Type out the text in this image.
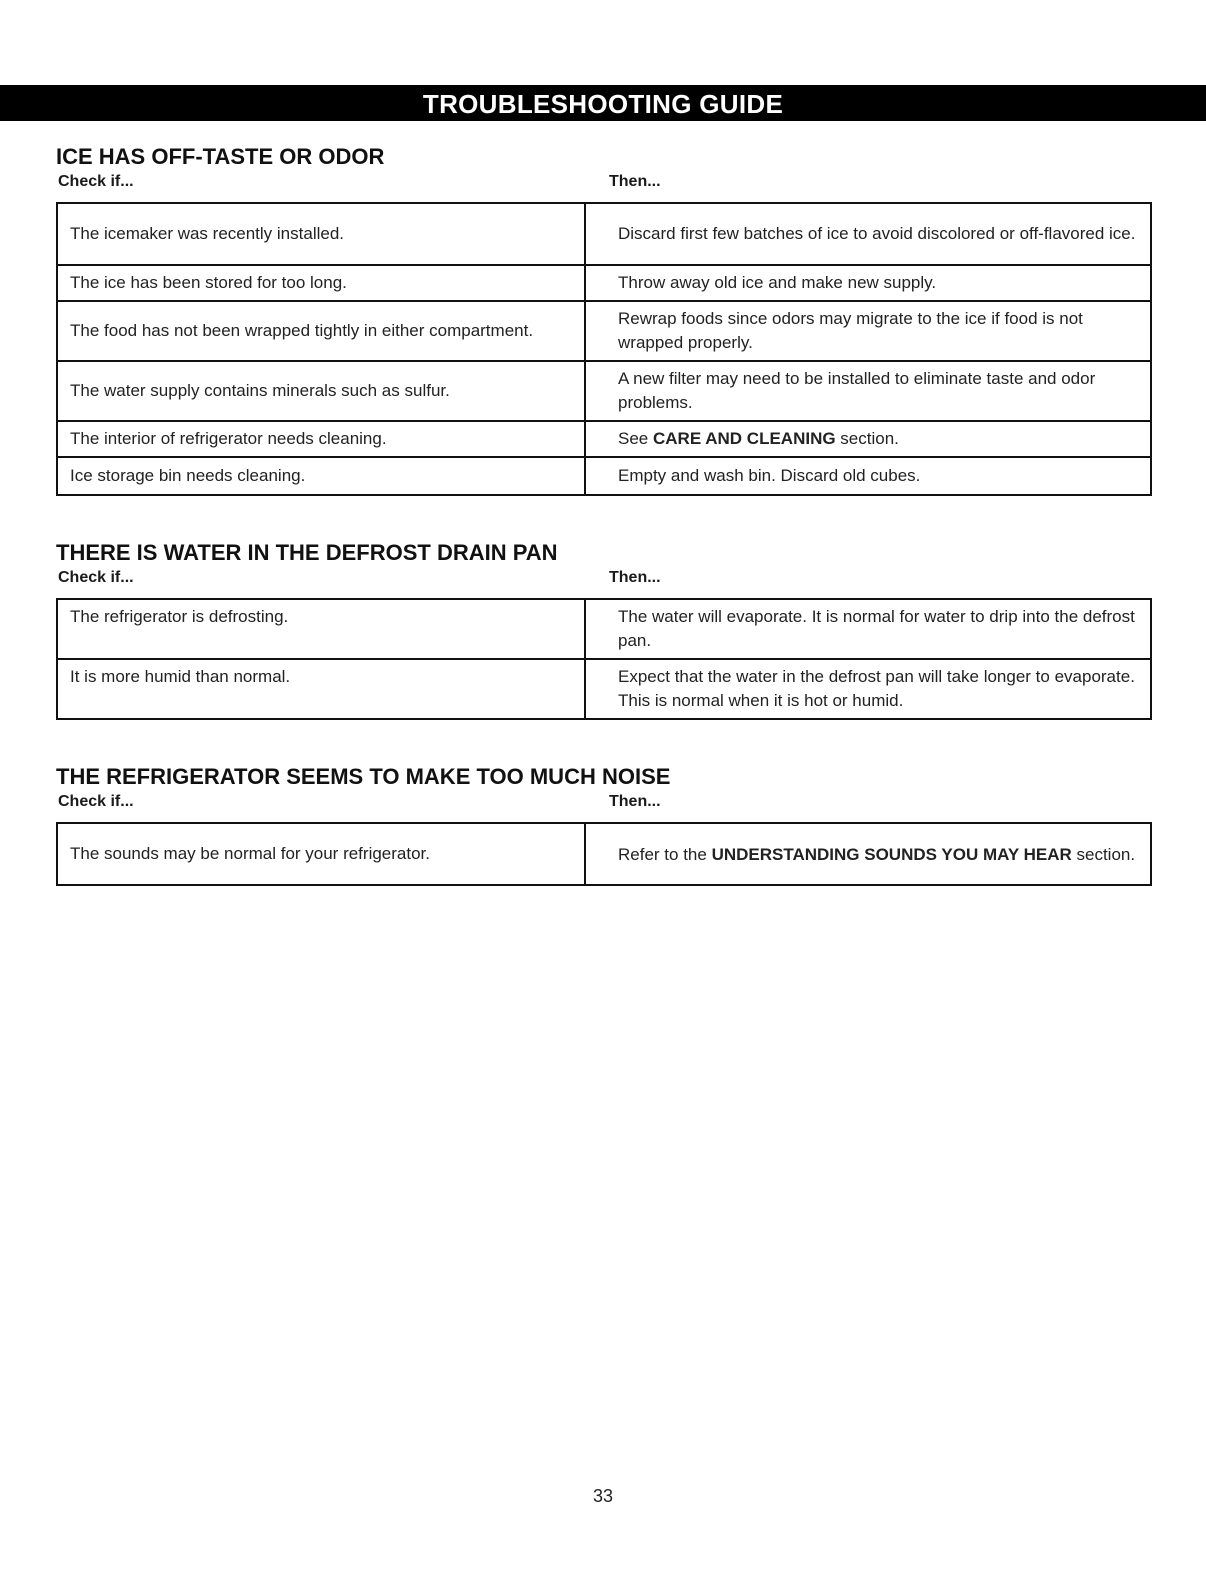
TROUBLESHOOTING GUIDE
ICE HAS OFF-TASTE OR ODOR
Check if...	Then...
The icemaker was recently installed.	Discard first few batches of ice to avoid discolored or off-flavored ice.
The ice has been stored for too long.	Throw away old ice and make new supply.
The food has not been wrapped tightly in either compartment.	Rewrap foods since odors may migrate to the ice if food is not wrapped properly.
The water supply contains minerals such as sulfur.	A new filter may need to be installed to eliminate taste and odor problems.
The interior of refrigerator needs cleaning.	See CARE AND CLEANING section.
Ice storage bin needs cleaning.	Empty and wash bin. Discard old cubes.
THERE IS WATER IN THE DEFROST DRAIN PAN
Check if...	Then...
The refrigerator is defrosting.	The water will evaporate. It is normal for water to drip into the defrost pan.
It is more humid than normal.	Expect that the water in the defrost pan will take longer to evaporate. This is normal when it is hot or humid.
THE REFRIGERATOR SEEMS TO MAKE TOO MUCH NOISE
Check if...	Then...
The sounds may be normal for your refrigerator.	Refer to the UNDERSTANDING SOUNDS YOU MAY HEAR section.
33
